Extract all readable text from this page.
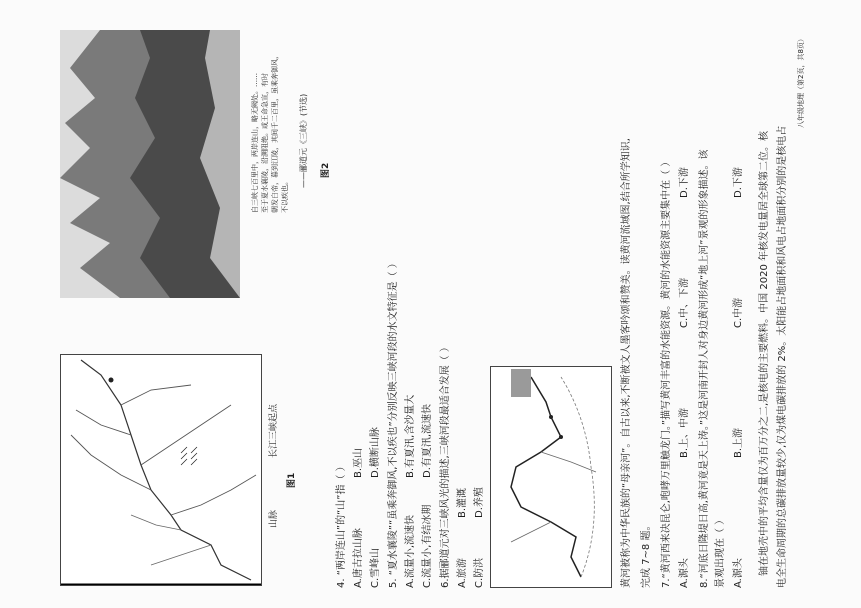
山脉
长江三峡起点
图1
自三峡七百里中，两岸连山，略无阙处。…… 至于夏水襄陵，沿溯阻绝。或王命急宣，有时 朝发白帝，暮到江陵，其间千二百里，虽乘奔御风， 不以疾也。
——郦道元《三峡》(节选)	图2
4. “两岸连山”的“山”指（ ） A.唐古拉山脉
B.巫山
C.雪峰山
D.横断山脉 5. “夏水襄陵”“虽乘奔御风,不以疾也”分别反映三峡河段的水文特征是（ ） A.流量小,流速快
B.有夏汛,含沙量大
C.流量小,有结冰期
D.有夏汛,流速快 6.据郦道元对三峡风光的描述,三峡河段最适合发展（ ） A.旅游
B.灌溉
C.防洪
D.养殖	黄河被称为中华民族的“母亲河”。自古以来,不断被文人墨客吟颂和赞美。读黄河流域图,结合所学知识, 完成 7~8 题。 7.“黄河西来决昆仑,咆哮万里触龙门。”描写黄河丰富的水能资源。黄河的水能资源主要集中在（ ） A.源头
B.上、中游
C.中、下游
D.下游 8.“河底日隆堤日高,黄河竟是天上涛。”这是河南开封人对身边黄河形成“地上河”景观的形象描述。该 景观出现在（ ） A.源头
B.上游
C.中游
D.下游 铀在地壳中的平均含量仅为百万分之二,是核电的主要燃料。中国 2020 年核发电量居全球第二位。核 电全生命周期的总碳排放量较少,仅为煤电碳排放的 2%。太阳能占地面积和风电占地面积分别的是核电占
八年级地理（第2页，共8页）
